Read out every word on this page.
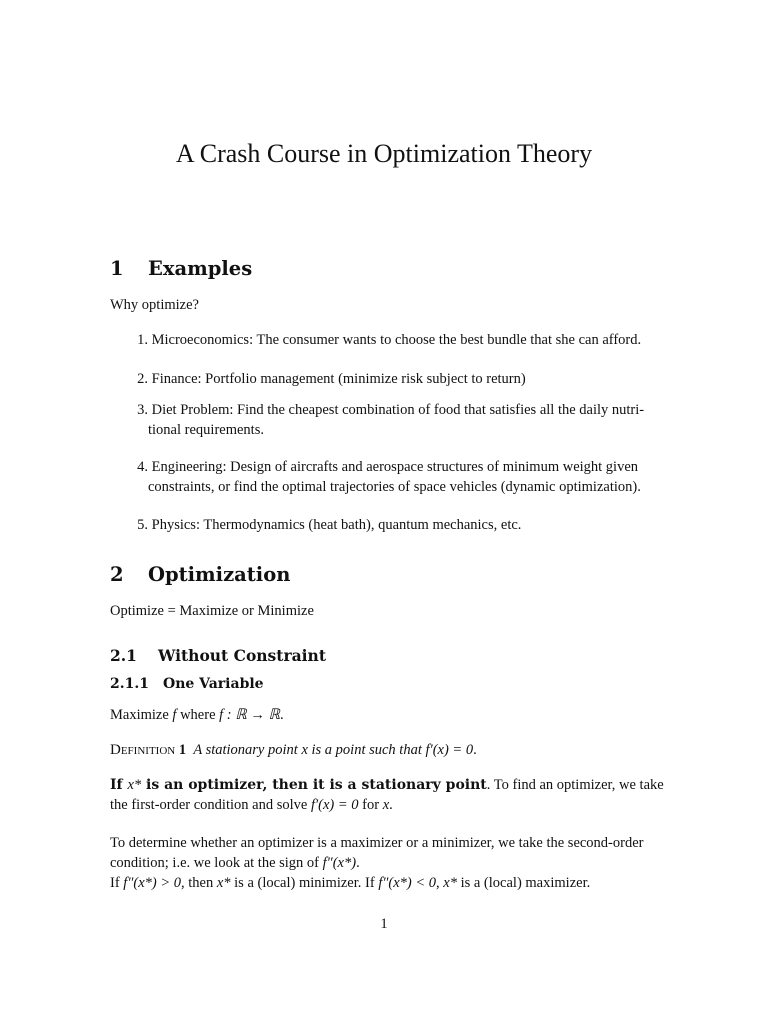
A Crash Course in Optimization Theory
1 Examples
Why optimize?
1. Microeconomics: The consumer wants to choose the best bundle that she can afford.
2. Finance: Portfolio management (minimize risk subject to return)
3. Diet Problem: Find the cheapest combination of food that satisfies all the daily nutri-
tional requirements.
4. Engineering: Design of aircrafts and aerospace structures of minimum weight given
constraints, or find the optimal trajectories of space vehicles (dynamic optimization).
5. Physics: Thermodynamics (heat bath), quantum mechanics, etc.
2 Optimization
Optimize = Maximize or Minimize
2.1 Without Constraint
2.1.1 One Variable
Maximize f where f : ℝ → ℝ.
Definition 1 A stationary point x is a point such that f′(x) = 0.
If x* is an optimizer, then it is a stationary point. To find an optimizer, we take
the first-order condition and solve f′(x) = 0 for x.
To determine whether an optimizer is a maximizer or a minimizer, we take the second-order
condition; i.e. we look at the sign of f″(x*).
If f″(x*) > 0, then x* is a (local) minimizer. If f″(x*) < 0, x* is a (local) maximizer.
1
